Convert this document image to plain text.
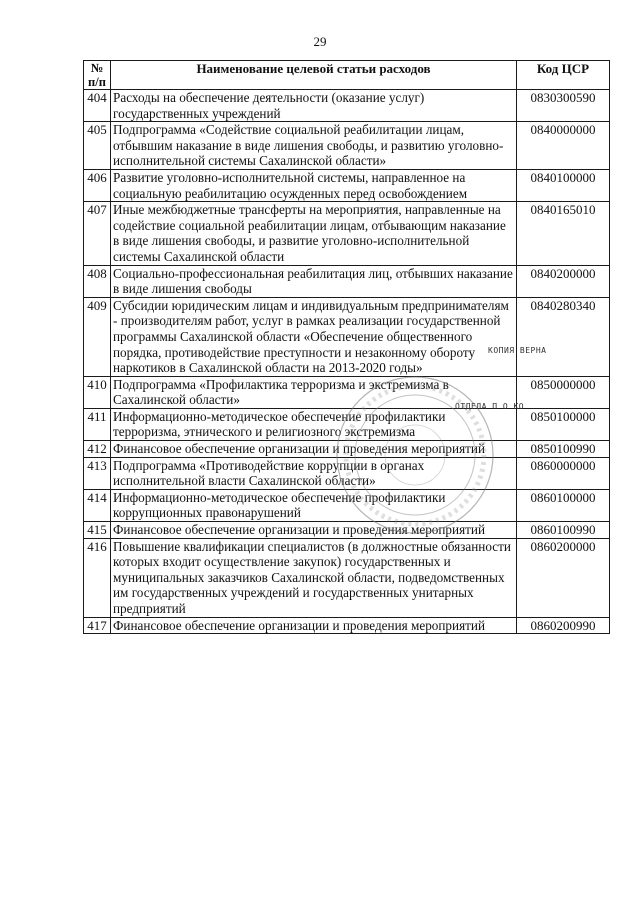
29
№ п/п	Наименование целевой статьи расходов	Код ЦСР
404	Расходы на обеспечение деятельности (оказание услуг) государственных учреждений	0830300590
405	Подпрограмма «Содействие социальной реабилитации лицам, отбывшим наказание в виде лишения свободы, и развитию уголовно-исполнительной системы Сахалинской области»	0840000000
406	Развитие уголовно-исполнительной системы, направленное на социальную реабилитацию осужденных перед освобождением	0840100000
407	Иные межбюджетные трансферты на мероприятия, направленные на содействие социальной реабилитации лицам, отбывающим наказание в виде лишения свободы, и развитие уголовно-исполнительной системы Сахалинской области	0840165010
408	Социально-профессиональная реабилитация лиц, отбывших наказание в виде лишения свободы	0840200000
409	Субсидии юридическим лицам и индивидуальным предпринимателям - производителям работ, услуг в рамках реализации государственной программы Сахалинской области «Обеспечение общественного порядка, противодействие преступности и незаконному обороту наркотиков в Сахалинской области на 2013-2020 годы»	0840280340
410	Подпрограмма «Профилактика терроризма и экстремизма в Сахалинской области»	0850000000
411	Информационно-методическое обеспечение профилактики терроризма, этнического и религиозного экстремизма	0850100000
412	Финансовое обеспечение организации и проведения мероприятий	0850100990
413	Подпрограмма «Противодействие коррупции в органах исполнительной власти Сахалинской области»	0860000000
414	Информационно-методическое обеспечение профилактики коррупционных правонарушений	0860100000
415	Финансовое обеспечение организации и проведения мероприятий	0860100990
416	Повышение квалификации специалистов (в должностные обязанности которых входит осуществление закупок) государственных и муниципальных заказчиков Сахалинской области, подведомственных им государственных учреждений и государственных унитарных предприятий	0860200000
417	Финансовое обеспечение организации и проведения мероприятий	0860200990
КОПИЯ ВЕРНА
ОТДЕЛА П О КО
